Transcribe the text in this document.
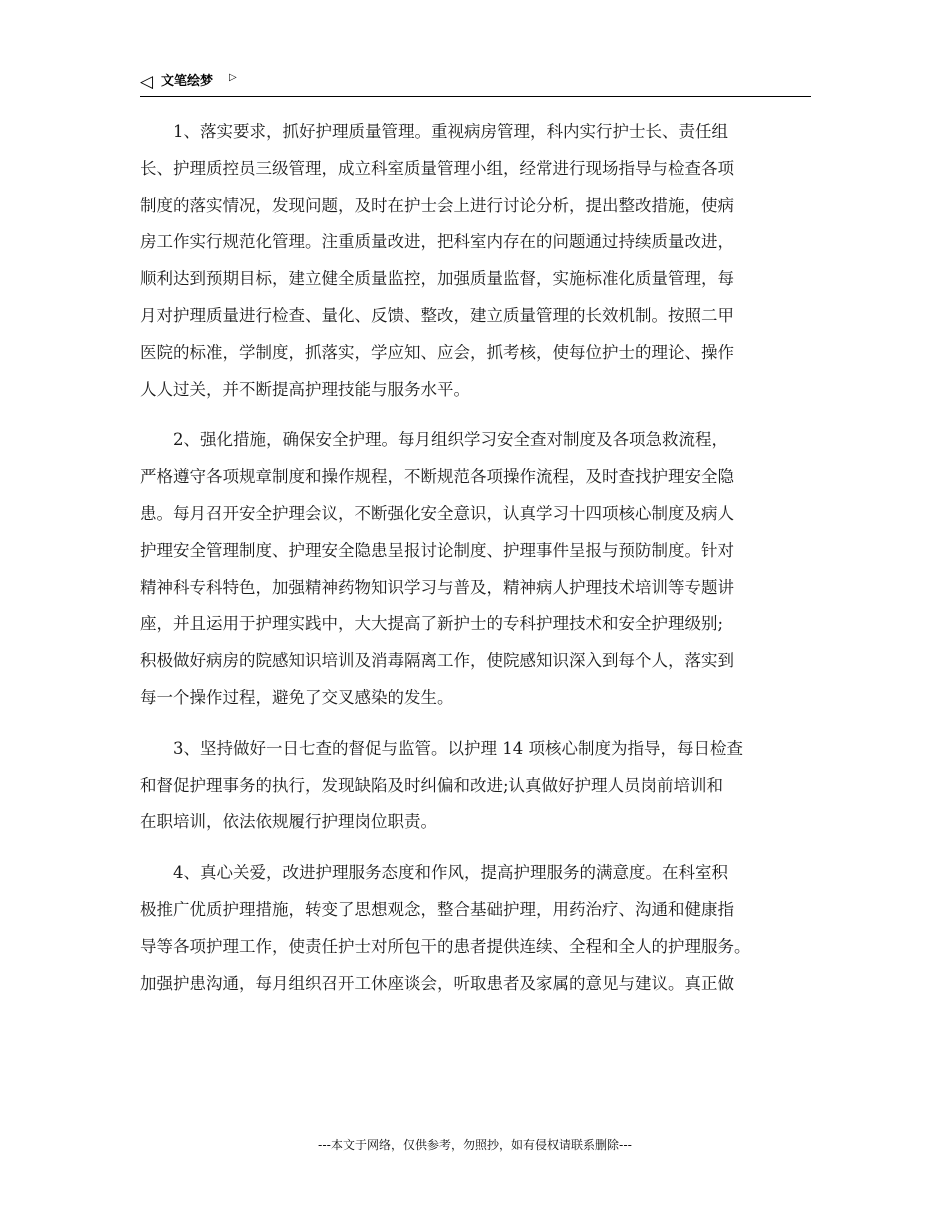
◁ 文笔绘梦 ▷
1、落实要求，抓好护理质量管理。重视病房管理，科内实行护士长、责任组
长、护理质控员三级管理，成立科室质量管理小组，经常进行现场指导与检查各项
制度的落实情况，发现问题，及时在护士会上进行讨论分析，提出整改措施，使病
房工作实行规范化管理。注重质量改进，把科室内存在的问题通过持续质量改进，
顺利达到预期目标，建立健全质量监控，加强质量监督，实施标准化质量管理，每
月对护理质量进行检查、量化、反馈、整改，建立质量管理的长效机制。按照二甲
医院的标准，学制度，抓落实，学应知、应会，抓考核，使每位护士的理论、操作
人人过关，并不断提高护理技能与服务水平。
2、强化措施，确保安全护理。每月组织学习安全查对制度及各项急救流程，
严格遵守各项规章制度和操作规程，不断规范各项操作流程，及时查找护理安全隐
患。每月召开安全护理会议，不断强化安全意识，认真学习十四项核心制度及病人
护理安全管理制度、护理安全隐患呈报讨论制度、护理事件呈报与预防制度。针对
精神科专科特色，加强精神药物知识学习与普及，精神病人护理技术培训等专题讲
座，并且运用于护理实践中，大大提高了新护士的专科护理技术和安全护理级别;
积极做好病房的院感知识培训及消毒隔离工作，使院感知识深入到每个人，落实到
每一个操作过程，避免了交叉感染的发生。
3、坚持做好一日七查的督促与监管。以护理 14 项核心制度为指导，每日检查
和督促护理事务的执行，发现缺陷及时纠偏和改进;认真做好护理人员岗前培训和
在职培训，依法依规履行护理岗位职责。
4、真心关爱，改进护理服务态度和作风，提高护理服务的满意度。在科室积
极推广优质护理措施，转变了思想观念，整合基础护理，用药治疗、沟通和健康指
导等各项护理工作，使责任护士对所包干的患者提供连续、全程和全人的护理服务。
加强护患沟通，每月组织召开工休座谈会，听取患者及家属的意见与建议。真正做
---本文于网络，仅供参考，勿照抄，如有侵权请联系删除---
